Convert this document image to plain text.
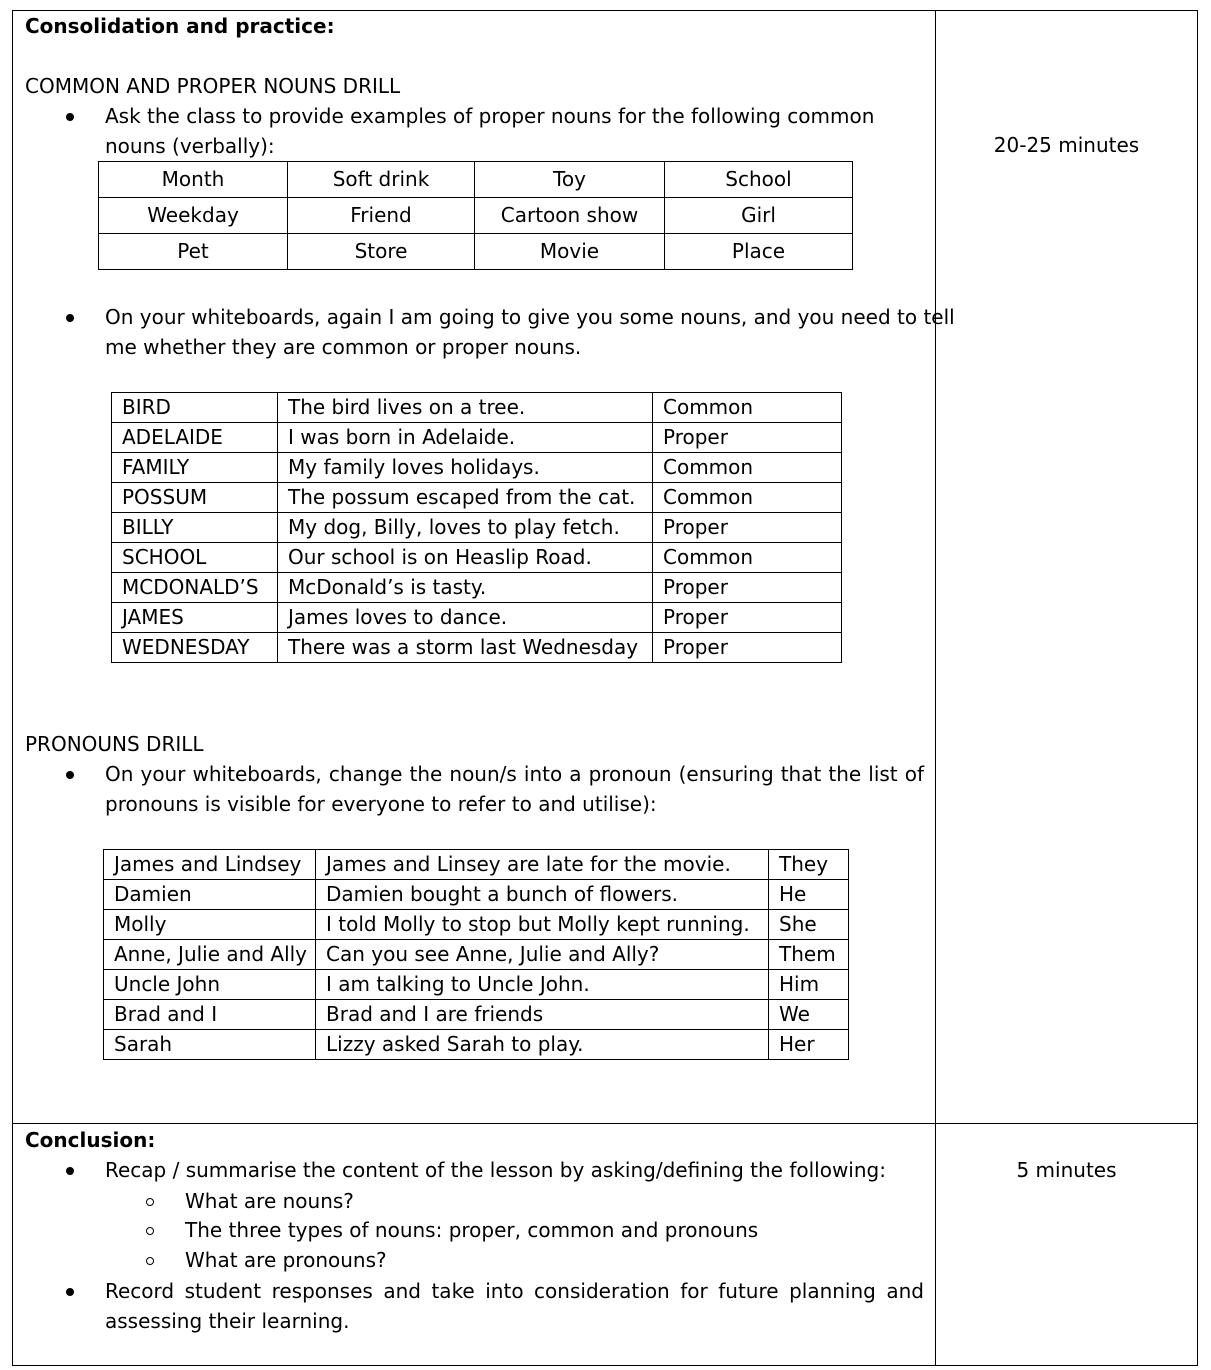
Consolidation and practice:
20-25 minutes
COMMON AND PROPER NOUNS DRILL
Ask the class to provide examples of proper nouns for the following common
nouns (verbally):
Month	Soft drink	Toy	School
Weekday	Friend	Cartoon show	Girl
Pet	Store	Movie	Place
On your whiteboards, again I am going to give you some nouns, and you need to tell
me whether they are common or proper nouns.
BIRD	The bird lives on a tree.	Common
ADELAIDE	I was born in Adelaide.	Proper
FAMILY	My family loves holidays.	Common
POSSUM	The possum escaped from the cat.	Common
BILLY	My dog, Billy, loves to play fetch.	Proper
SCHOOL	Our school is on Heaslip Road.	Common
MCDONALD’S	McDonald’s is tasty.	Proper
JAMES	James loves to dance.	Proper
WEDNESDAY	There was a storm last Wednesday	Proper
PRONOUNS DRILL
On your whiteboards, change the noun/s into a pronoun (ensuring that the list of
pronouns is visible for everyone to refer to and utilise):
James and Lindsey	James and Linsey are late for the movie.	They
Damien	Damien bought a bunch of flowers.	He
Molly	I told Molly to stop but Molly kept running.	She
Anne, Julie and Ally	Can you see Anne, Julie and Ally?	Them
Uncle John	I am talking to Uncle John.	Him
Brad and I	Brad and I are friends	We
Sarah	Lizzy asked Sarah to play.	Her
Conclusion:
5 minutes
Recap / summarise the content of the lesson by asking/defining the following:
What are nouns?
The three types of nouns: proper, common and pronouns
What are pronouns?
Record student responses and take into consideration for future planning and
assessing their learning.
